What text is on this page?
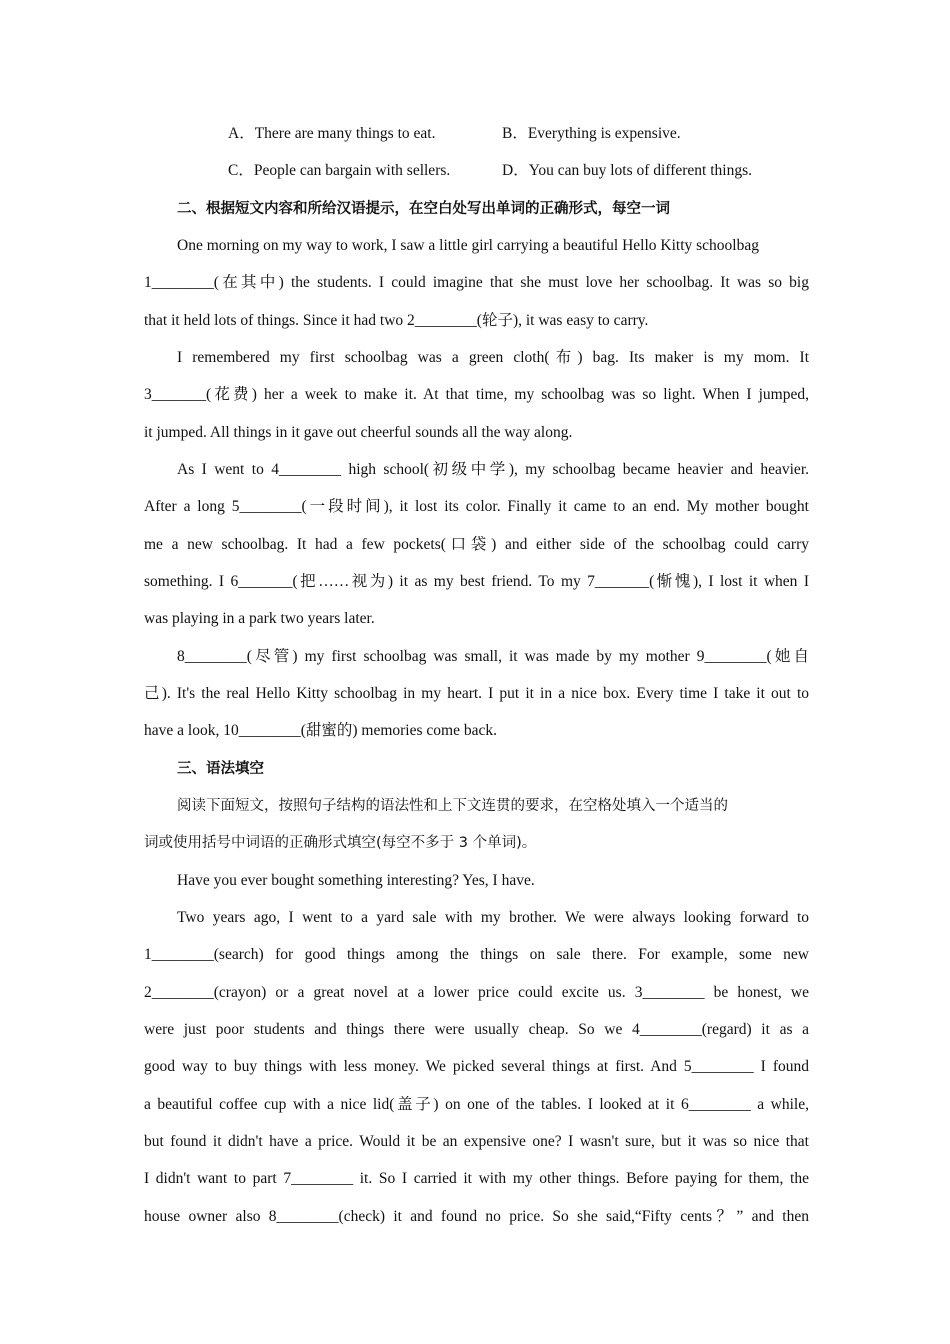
A．There are many things to eat.	B．Everything is expensive.
C．People can bargain with sellers.	D．You can buy lots of different things.
二、根据短文内容和所给汉语提示，在空白处写出单词的正确形式，每空一词
One morning on my way to work, I saw a little girl carrying a beautiful Hello Kitty schoolbag
1________(在其中) the students. I could imagine that she must love her schoolbag. It was so big
that it held lots of things. Since it had two 2________(轮子), it was easy to carry.
I remembered my first schoolbag was a green cloth(布) bag. Its maker is my mom. It
3_______(花费) her a week to make it. At that time, my schoolbag was so light. When I jumped,
it jumped. All things in it gave out cheerful sounds all the way along.
As I went to 4________ high school(初级中学), my schoolbag became heavier and heavier.
After a long 5________(一段时间), it lost its color. Finally it came to an end. My mother bought
me a new schoolbag. It had a few pockets(口袋) and either side of the schoolbag could carry
something. I 6_______(把……视为) it as my best friend. To my 7_______(惭愧), I lost it when I
was playing in a park two years later.
8________(尽管) my first schoolbag was small, it was made by my mother 9________(她自
己). It's the real Hello Kitty schoolbag in my heart. I put it in a nice box. Every time I take it out to
have a look, 10________(甜蜜的) memories come back.
三、语法填空
阅读下面短文，按照句子结构的语法性和上下文连贯的要求，在空格处填入一个适当的
词或使用括号中词语的正确形式填空(每空不多于 3 个单词)。
Have you ever bought something interesting? Yes, I have.
Two years ago, I went to a yard sale with my brother. We were always looking forward to
1________(search) for good things among the things on sale there. For example, some new
2________(crayon) or a great novel at a lower price could excite us. 3________ be honest, we
were just poor students and things there were usually cheap. So we 4________(regard) it as a
good way to buy things with less money. We picked several things at first. And 5________ I found
a beautiful coffee cup with a nice lid(盖子) on one of the tables. I looked at it 6________ a while,
but found it didn't have a price. Would it be an expensive one? I wasn't sure, but it was so nice that
I didn't want to part 7________ it. So I carried it with my other things. Before paying for them, the
house owner also 8________(check) it and found no price. So she said,“Fifty cents？” and then
